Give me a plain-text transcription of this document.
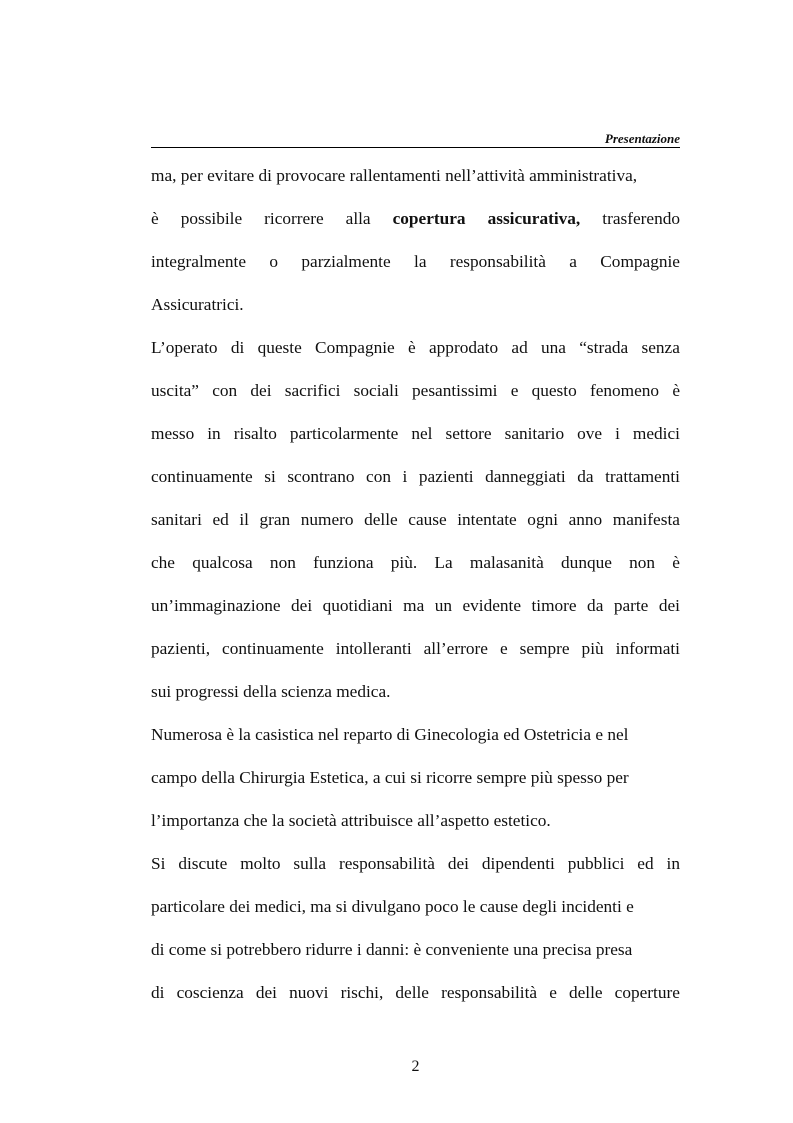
Presentazione
ma, per evitare di provocare rallentamenti nell’attività amministrativa,
è possibile ricorrere alla copertura assicurativa, trasferendo
integralmente o parzialmente la responsabilità a Compagnie
Assicuratrici.
L’operato di queste Compagnie è approdato ad una “strada senza
uscita” con dei sacrifici sociali pesantissimi e questo fenomeno è
messo in risalto particolarmente nel settore sanitario ove i medici
continuamente si scontrano con i pazienti danneggiati da trattamenti
sanitari ed il gran numero delle cause intentate ogni anno manifesta
che qualcosa non funziona più. La malasanità dunque non è
un’immaginazione dei quotidiani ma un evidente timore da parte dei
pazienti, continuamente intolleranti all’errore e sempre più informati
sui progressi della scienza medica.
Numerosa è la casistica nel reparto di Ginecologia ed Ostetricia e nel
campo della Chirurgia Estetica, a cui si ricorre sempre più spesso per
l’importanza che la società attribuisce all’aspetto estetico.
Si discute molto sulla responsabilità dei dipendenti pubblici ed in
particolare dei medici, ma si divulgano poco le cause degli incidenti e
di come si potrebbero ridurre i danni: è conveniente una precisa presa
di coscienza dei nuovi rischi, delle responsabilità e delle coperture
2
